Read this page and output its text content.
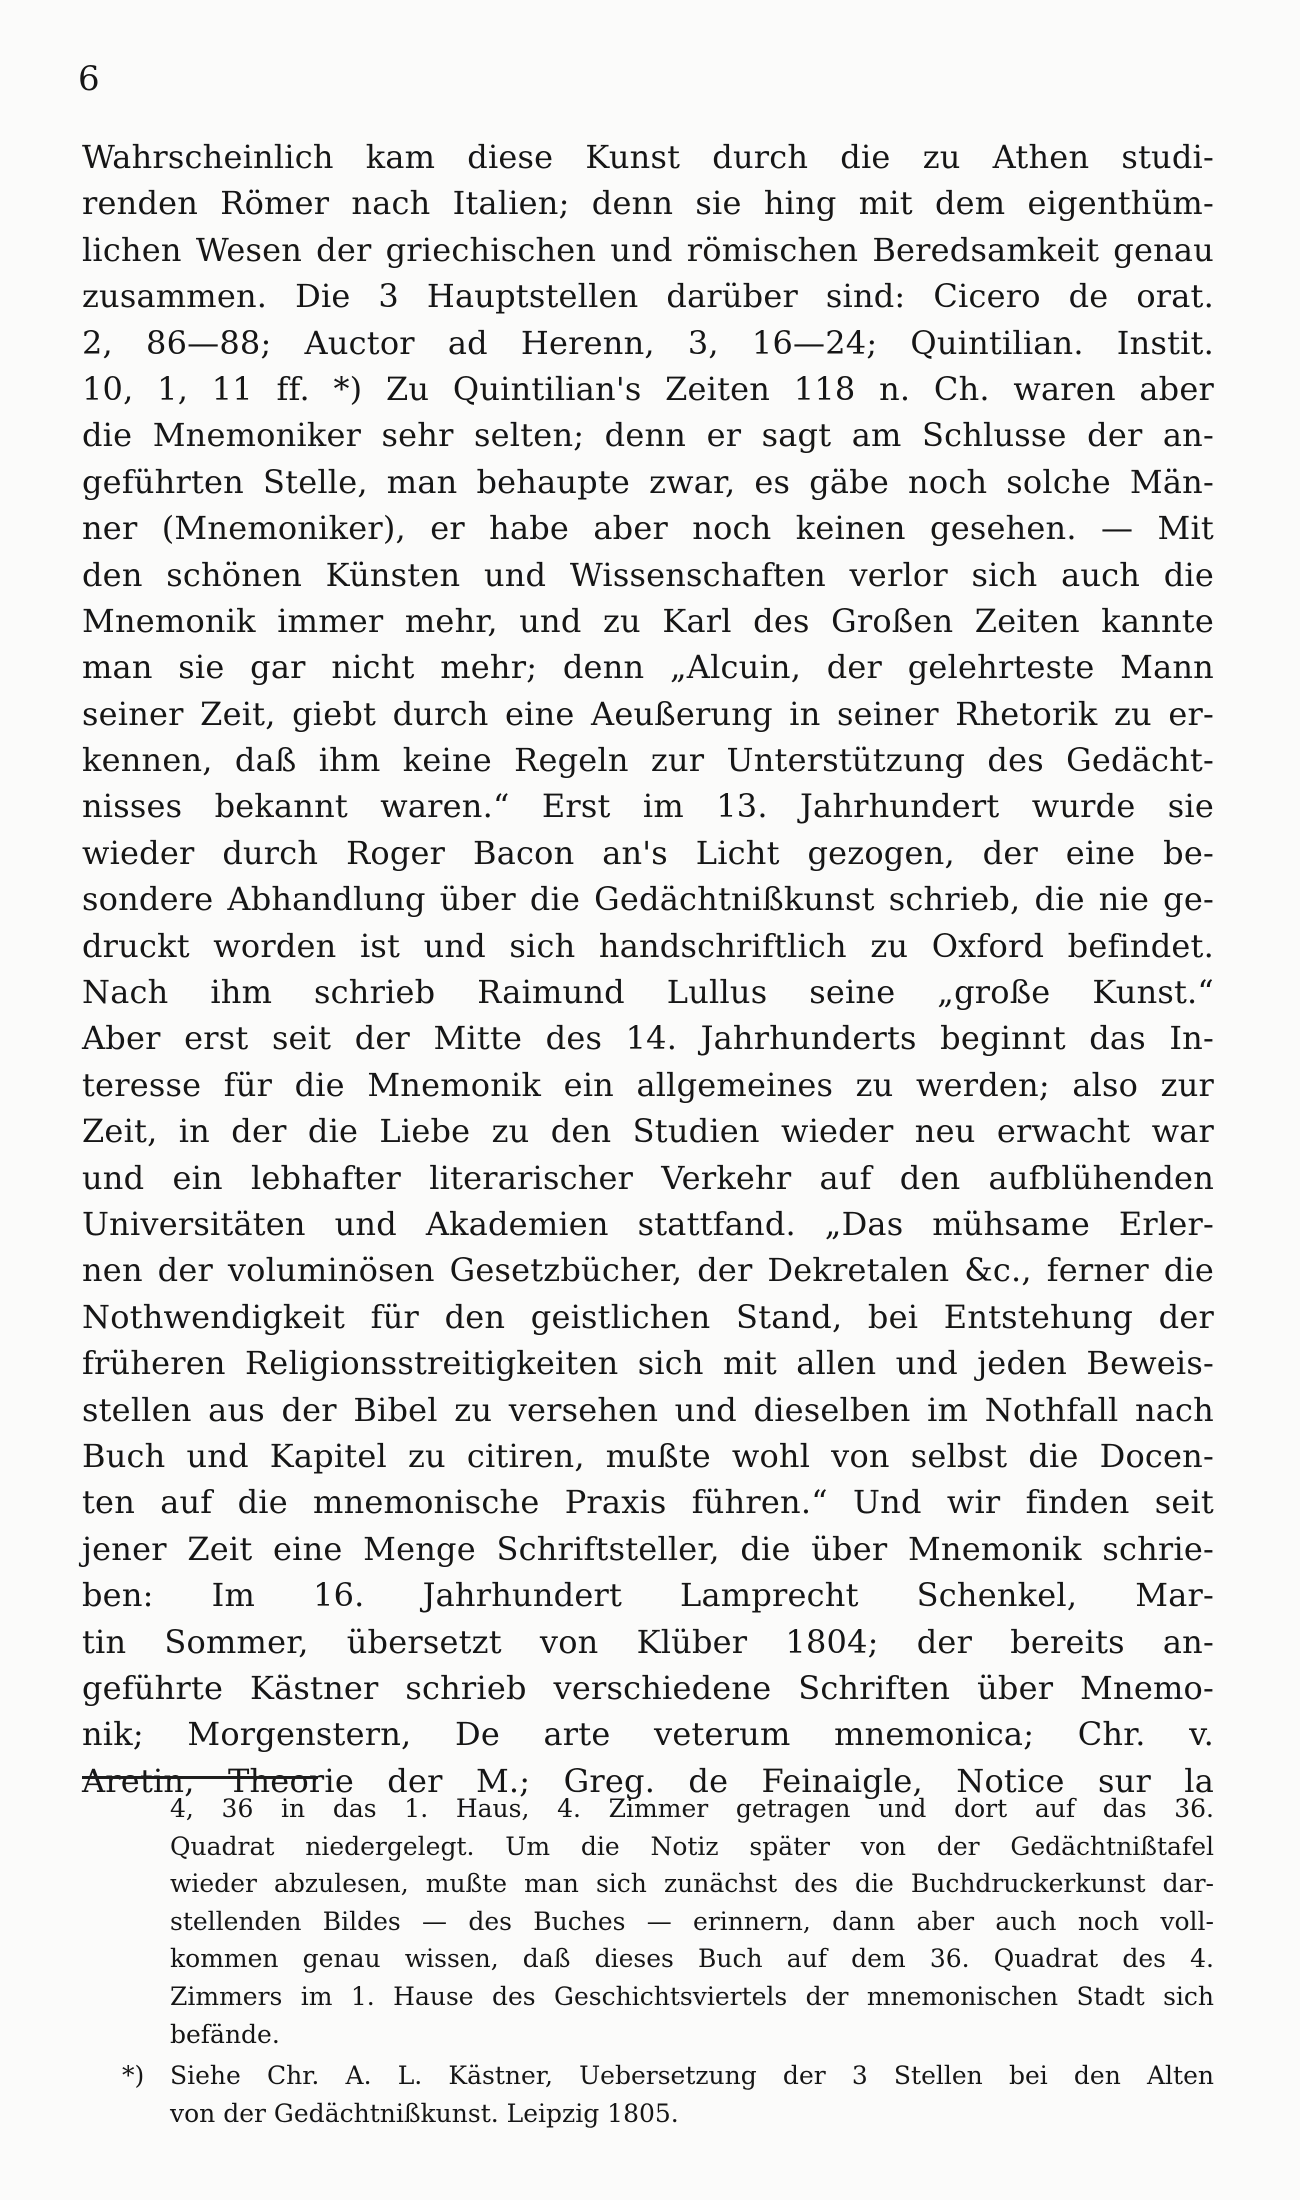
6
Wahrscheinlich kam diese Kunst durch die zu Athen studi-
renden Römer nach Italien; denn sie hing mit dem eigenthüm-
lichen Wesen der griechischen und römischen Beredsamkeit genau
zusammen. Die 3 Hauptstellen darüber sind: Cicero de orat.
2, 86—88; Auctor ad Herenn, 3, 16—24; Quintilian. Instit.
10, 1, 11 ff. *) Zu Quintilian's Zeiten 118 n. Ch. waren aber
die Mnemoniker sehr selten; denn er sagt am Schlusse der an-
geführten Stelle, man behaupte zwar, es gäbe noch solche Män-
ner (Mnemoniker), er habe aber noch keinen gesehen. — Mit
den schönen Künsten und Wissenschaften verlor sich auch die
Mnemonik immer mehr, und zu Karl des Großen Zeiten kannte
man sie gar nicht mehr; denn „Alcuin, der gelehrteste Mann
seiner Zeit, giebt durch eine Aeußerung in seiner Rhetorik zu er-
kennen, daß ihm keine Regeln zur Unterstützung des Gedächt-
nisses bekannt waren.“ Erst im 13. Jahrhundert wurde sie
wieder durch Roger Bacon an's Licht gezogen, der eine be-
sondere Abhandlung über die Gedächtnißkunst schrieb, die nie ge-
druckt worden ist und sich handschriftlich zu Oxford befindet.
Nach ihm schrieb Raimund Lullus seine „große Kunst.“
Aber erst seit der Mitte des 14. Jahrhunderts beginnt das In-
teresse für die Mnemonik ein allgemeines zu werden; also zur
Zeit, in der die Liebe zu den Studien wieder neu erwacht war
und ein lebhafter literarischer Verkehr auf den aufblühenden
Universitäten und Akademien stattfand. „Das mühsame Erler-
nen der voluminösen Gesetzbücher, der Dekretalen &c., ferner die
Nothwendigkeit für den geistlichen Stand, bei Entstehung der
früheren Religionsstreitigkeiten sich mit allen und jeden Beweis-
stellen aus der Bibel zu versehen und dieselben im Nothfall nach
Buch und Kapitel zu citiren, mußte wohl von selbst die Docen-
ten auf die mnemonische Praxis führen.“ Und wir finden seit
jener Zeit eine Menge Schriftsteller, die über Mnemonik schrie-
ben: Im 16. Jahrhundert Lamprecht Schenkel, Mar-
tin Sommer, übersetzt von Klüber 1804; der bereits an-
geführte Kästner schrieb verschiedene Schriften über Mnemo-
nik; Morgenstern, De arte veterum mnemonica; Chr. v.
Aretin, Theorie der M.; Greg. de Feinaigle, Notice sur la
4, 36 in das 1. Haus, 4. Zimmer getragen und dort auf das 36.
Quadrat niedergelegt. Um die Notiz später von der Gedächtnißtafel
wieder abzulesen, mußte man sich zunächst des die Buchdruckerkunst dar-
stellenden Bildes — des Buches — erinnern, dann aber auch noch voll-
kommen genau wissen, daß dieses Buch auf dem 36. Quadrat des 4.
Zimmers im 1. Hause des Geschichtsviertels der mnemonischen Stadt sich
befände.
*)	Siehe Chr. A. L. Kästner, Uebersetzung der 3 Stellen bei den Alten
von der Gedächtnißkunst. Leipzig 1805.
